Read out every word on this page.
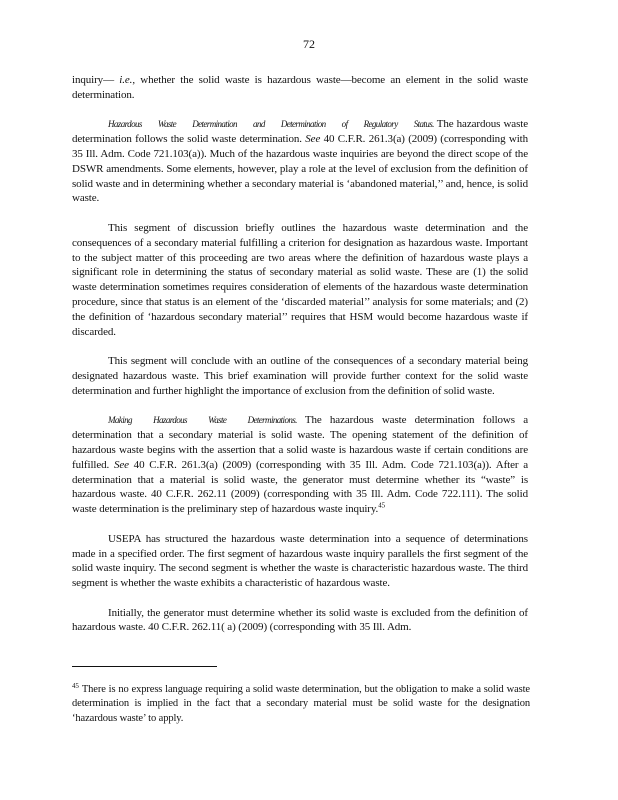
72

inquiry— i.e., whether the solid waste is hazardous waste—become an element in the solid waste determination.

Hazardous Waste Determination and Determination of Regulatory Status. The hazardous waste determination follows the solid waste determination. See 40 C.F.R. 261.3(a) (2009) (corresponding with 35 Ill. Adm. Code 721.103(a)). Much of the hazardous waste inquiries are beyond the direct scope of the DSWR amendments. Some elements, however, play a role at the level of exclusion from the definition of solid waste and in determining whether a secondary material is ‘abandoned material,’’ and, hence, is solid waste.

This segment of discussion briefly outlines the hazardous waste determination and the consequences of a secondary material fulfilling a criterion for designation as hazardous waste. Important to the subject matter of this proceeding are two areas where the definition of hazardous waste plays a significant role in determining the status of secondary material as solid waste. These are (1) the solid waste determination sometimes requires consideration of elements of the hazardous waste determination procedure, since that status is an element of the ‘discarded material’’ analysis for some materials; and (2) the definition of ‘hazardous secondary material’’ requires that HSM would become hazardous waste if discarded.

This segment will conclude with an outline of the consequences of a secondary material being designated hazardous waste. This brief examination will provide further context for the solid waste determination and further highlight the importance of exclusion from the definition of solid waste.

Making Hazardous Waste Determinations. The hazardous waste determination follows a determination that a secondary material is solid waste. The opening statement of the definition of hazardous waste begins with the assertion that a solid waste is hazardous waste if certain conditions are fulfilled. See 40 C.F.R. 261.3(a) (2009) (corresponding with 35 Ill. Adm. Code 721.103(a)). After a determination that a material is solid waste, the generator must determine whether its “waste” is hazardous waste. 40 C.F.R. 262.11 (2009) (corresponding with 35 Ill. Adm. Code 722.111). The solid waste determination is the preliminary step of hazardous waste inquiry.$^{45}$

USEPA has structured the hazardous waste determination into a sequence of determinations made in a specified order. The first segment of hazardous waste inquiry parallels the first segment of the solid waste inquiry. The second segment is whether the waste is characteristic hazardous waste. The third segment is whether the waste exhibits a characteristic of hazardous waste.

Initially, the generator must determine whether its solid waste is excluded from the definition of hazardous waste. 40 C.F.R. 262.11( a) (2009) (corresponding with 35 Ill. Adm.

$^{45}$ There is no express language requiring a solid waste determination, but the obligation to make a solid waste determination is implied in the fact that a secondary material must be solid waste for the designation ‘hazardous waste’ to apply.
